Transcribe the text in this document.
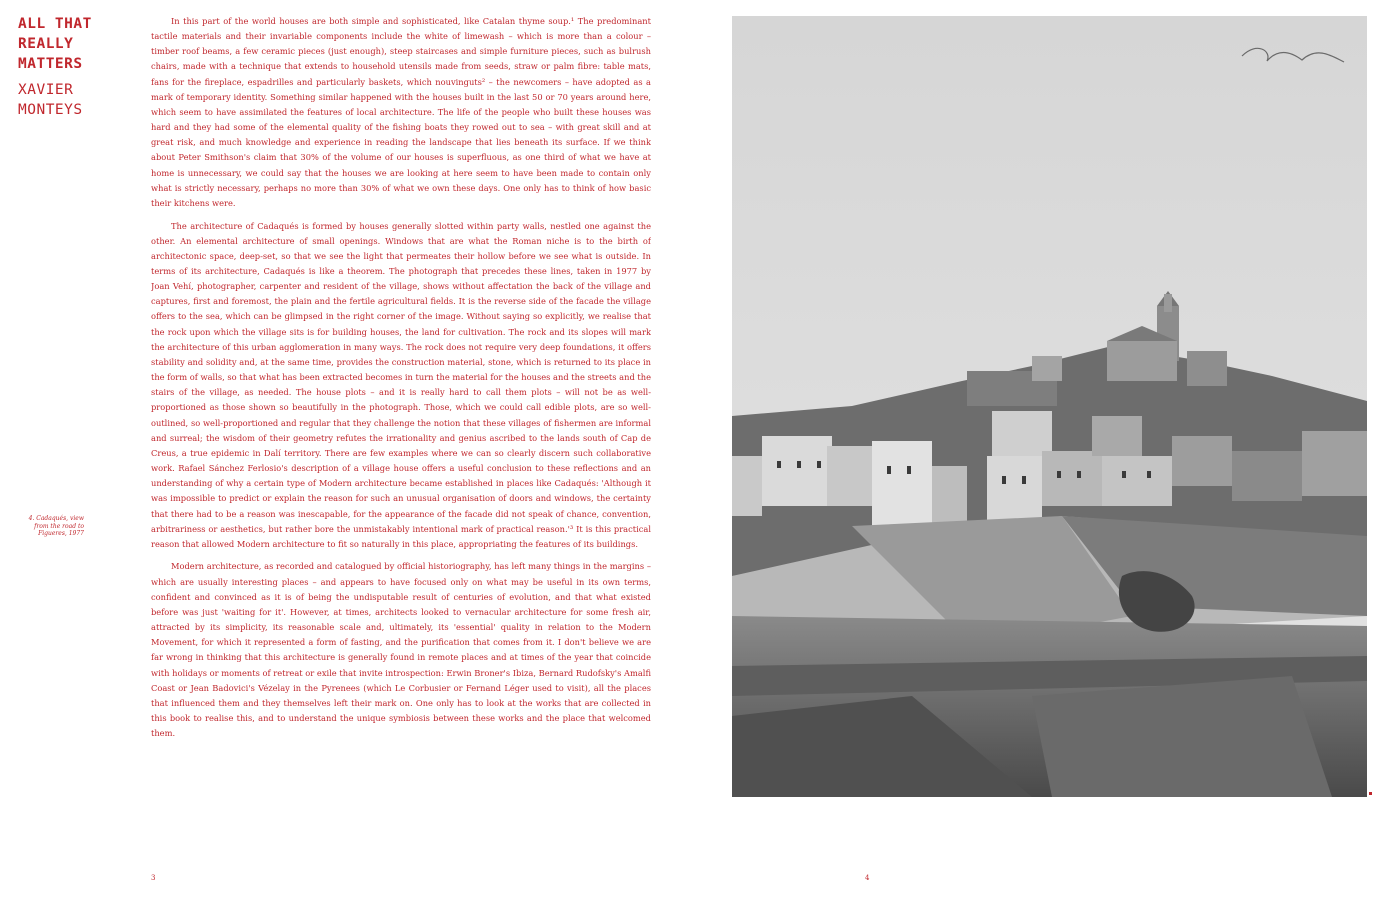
ALL THAT
REALLY
MATTERS
XAVIER
MONTEYS
4. Cadaqués, view from the road to Figueres, 1977

In this part of the world houses are both simple and sophisticated, like Catalan thyme soup.¹ The predominant tactile materials and their invariable components include the white of limewash – which is more than a colour – timber roof beams, a few ceramic pieces (just enough), steep staircases and simple furniture pieces, such as bulrush chairs, made with a technique that extends to household utensils made from seeds, straw or palm fibre: table mats, fans for the fireplace, espadrilles and particularly baskets, which nouvinguts² – the newcomers – have adopted as a mark of temporary identity. Something similar happened with the houses built in the last 50 or 70 years around here, which seem to have assimilated the features of local architecture. The life of the people who built these houses was hard and they had some of the elemental quality of the fishing boats they rowed out to sea – with great skill and at great risk, and much knowledge and experience in reading the landscape that lies beneath its surface. If we think about Peter Smithson's claim that 30% of the volume of our houses is superfluous, as one third of what we have at home is unnecessary, we could say that the houses we are looking at here seem to have been made to contain only what is strictly necessary, perhaps no more than 30% of what we own these days. One only has to think of how basic their kitchens were.

The architecture of Cadaqués is formed by houses generally slotted within party walls, nestled one against the other. An elemental architecture of small openings. Windows that are what the Roman niche is to the birth of architectonic space, deep-set, so that we see the light that permeates their hollow before we see what is outside. In terms of its architecture, Cadaqués is like a theorem. The photograph that precedes these lines, taken in 1977 by Joan Vehí, photographer, carpenter and resident of the village, shows without affectation the back of the village and captures, first and foremost, the plain and the fertile agricultural fields. It is the reverse side of the facade the village offers to the sea, which can be glimpsed in the right corner of the image. Without saying so explicitly, we realise that the rock upon which the village sits is for building houses, the land for cultivation. The rock and its slopes will mark the architecture of this urban agglomeration in many ways. The rock does not require very deep foundations, it offers stability and solidity and, at the same time, provides the construction material, stone, which is returned to its place in the form of walls, so that what has been extracted becomes in turn the material for the houses and the streets and the stairs of the village, as needed. The house plots – and it is really hard to call them plots – will not be as well-proportioned as those shown so beautifully in the photograph. Those, which we could call edible plots, are so well-outlined, so well-proportioned and regular that they challenge the notion that these villages of fishermen are informal and surreal; the wisdom of their geometry refutes the irrationality and genius ascribed to the lands south of Cap de Creus, a true epidemic in Dalí territory. There are few examples where we can so clearly discern such collaborative work. Rafael Sánchez Ferlosio's description of a village house offers a useful conclusion to these reflections and an understanding of why a certain type of Modern architecture became established in places like Cadaqués: 'Although it was impossible to predict or explain the reason for such an unusual organisation of doors and windows, the certainty that there had to be a reason was inescapable, for the appearance of the facade did not speak of chance, convention, arbitrariness or aesthetics, but rather bore the unmistakably intentional mark of practical reason.'³ It is this practical reason that allowed Modern architecture to fit so naturally in this place, appropriating the features of its buildings.

Modern architecture, as recorded and catalogued by official historiography, has left many things in the margins – which are usually interesting places – and appears to have focused only on what may be useful in its own terms, confident and convinced as it is of being the undisputable result of centuries of evolution, and that what existed before was just 'waiting for it'. However, at times, architects looked to vernacular architecture for some fresh air, attracted by its simplicity, its reasonable scale and, ultimately, its 'essential' quality in relation to the Modern Movement, for which it represented a form of fasting, and the purification that comes from it. I don't believe we are far wrong in thinking that this architecture is generally found in remote places and at times of the year that coincide with holidays or moments of retreat or exile that invite introspection: Erwin Broner's Ibiza, Bernard Rudofsky's Amalfi Coast or Jean Badovici's Vézelay in the Pyrenees (which Le Corbusier or Fernand Léger used to visit), all the places that influenced them and they themselves left their mark on. One only has to look at the works that are collected in this book to realise this, and to understand the unique symbiosis between these works and the place that welcomed them.

3	4
